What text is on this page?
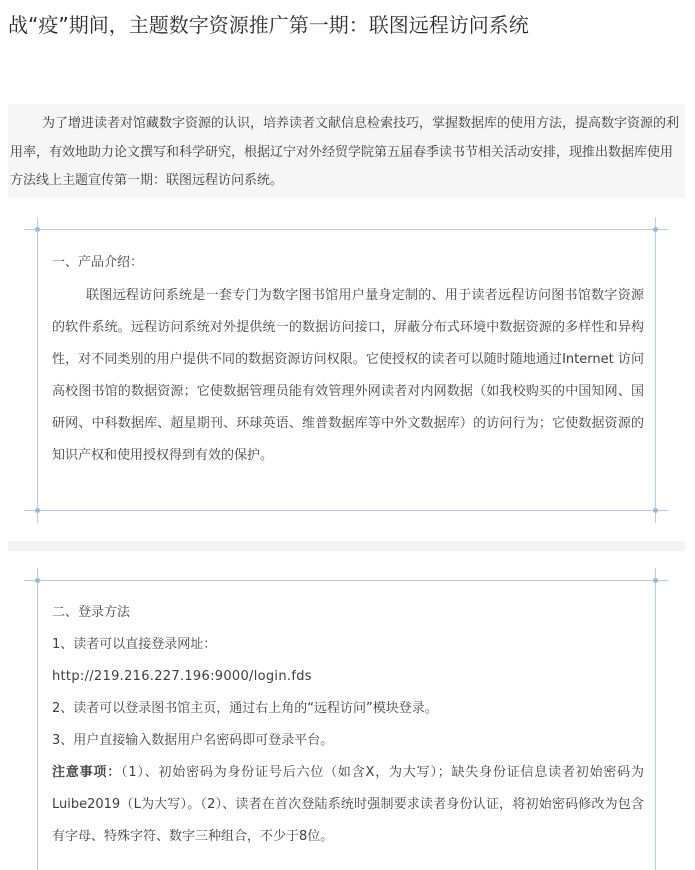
战“疫”期间，主题数字资源推广第一期：联图远程访问系统
为了增进读者对馆藏数字资源的认识，培养读者文献信息检索技巧，掌握数据库的使用方法，提高数字资源的利用率，有效地助力论文撰写和科学研究，根据辽宁对外经贸学院第五届春季读书节相关活动安排，现推出数据库使用方法线上主题宣传第一期：联图远程访问系统。
一、产品介绍：
联图远程访问系统是一套专门为数字图书馆用户量身定制的、用于读者远程访问图书馆数字资源的软件系统。远程访问系统对外提供统一的数据访问接口，屏蔽分布式环境中数据资源的多样性和异构性，对不同类别的用户提供不同的数据资源访问权限。它使授权的读者可以随时随地通过Internet 访问高校图书馆的数据资源；它使数据管理员能有效管理外网读者对内网数据（如我校购买的中国知网、国研网、中科数据库、超星期刊、环球英语、维普数据库等中外文数据库）的访问行为；它使数据资源的知识产权和使用授权得到有效的保护。
二、登录方法
1、读者可以直接登录网址：
http://219.216.227.196:9000/login.fds
2、读者可以登录图书馆主页，通过右上角的“远程访问”模块登录。
3、用户直接输入数据用户名密码即可登录平台。
注意事项：（1）、初始密码为身份证号后六位（如含X，为大写）；缺失身份证信息读者初始密码为Luibe2019（L为大写）。（2）、读者在首次登陆系统时强制要求读者身份认证，将初始密码修改为包含有字母、特殊字符、数字三种组合，不少于8位。
